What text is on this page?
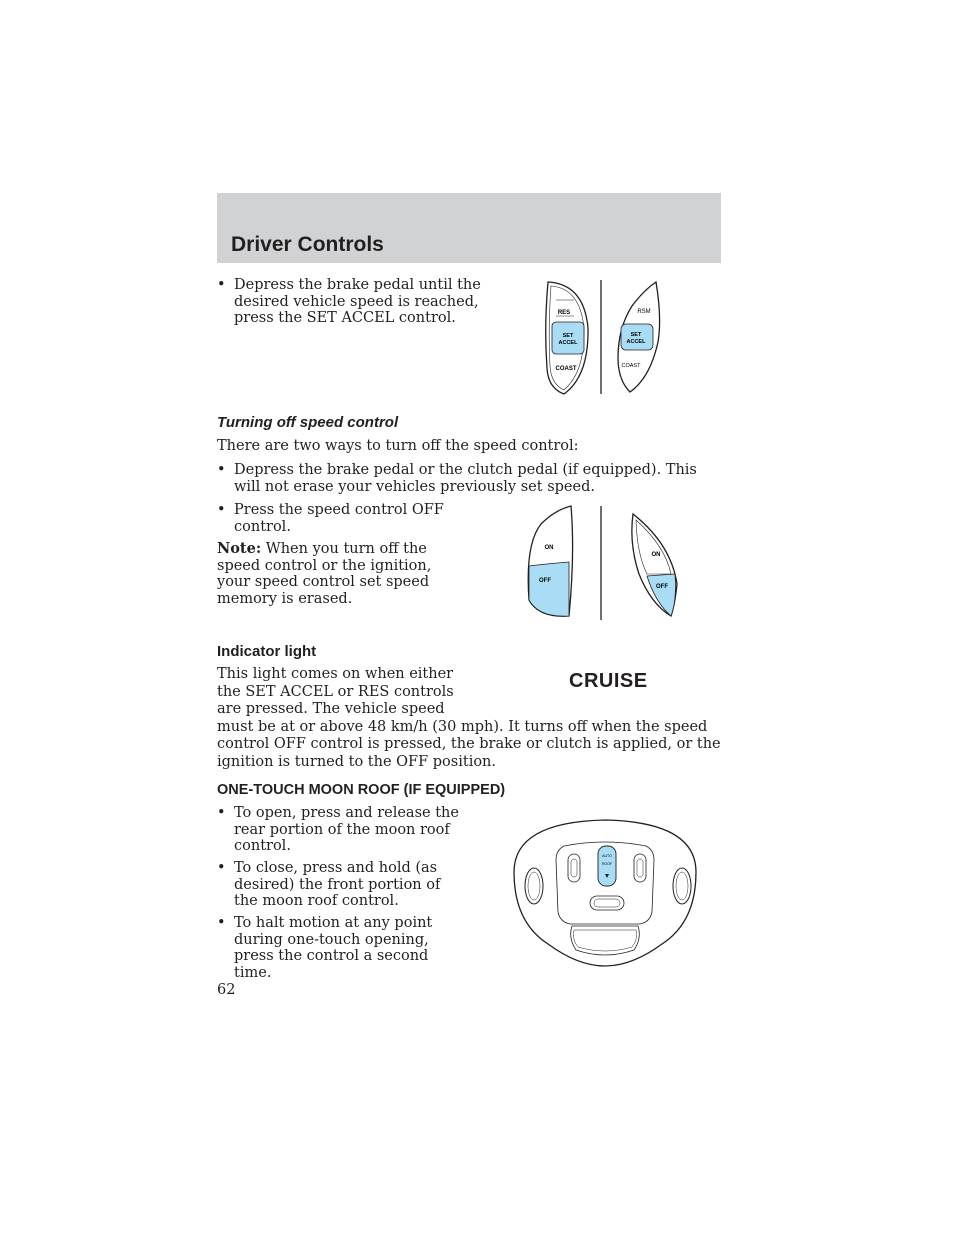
Driver Controls
• Depress the brake pedal until the desired vehicle speed is reached, press the SET ACCEL control.	RES
SET
ACCEL
COAST
RSM
SET
ACCEL
COAST
Turning off speed control

There are two ways to turn off the speed control:

• Depress the brake pedal or the clutch pedal (if equipped). This will not erase your vehicles previously set speed.
• Press the speed control OFF control.

Note: When you turn off the speed control or the ignition, your speed control set speed memory is erased.

ON
OFF
ON
OFF
Indicator light
CRUISE

This light comes on when either the SET ACCEL or RES controls are pressed. The vehicle speed must be at or above 48 km/h (30 mph). It turns off when the speed control OFF control is pressed, the brake or clutch is applied, or the ignition is turned to the OFF position.

ONE-TOUCH MOON ROOF (IF EQUIPPED)
• To open, press and release the rear portion of the moon roof control.
• To close, press and hold (as desired) the front portion of the moon roof control.
• To halt motion at any point during one-touch opening, press the control a second time.
AUTO
ROOF
62
